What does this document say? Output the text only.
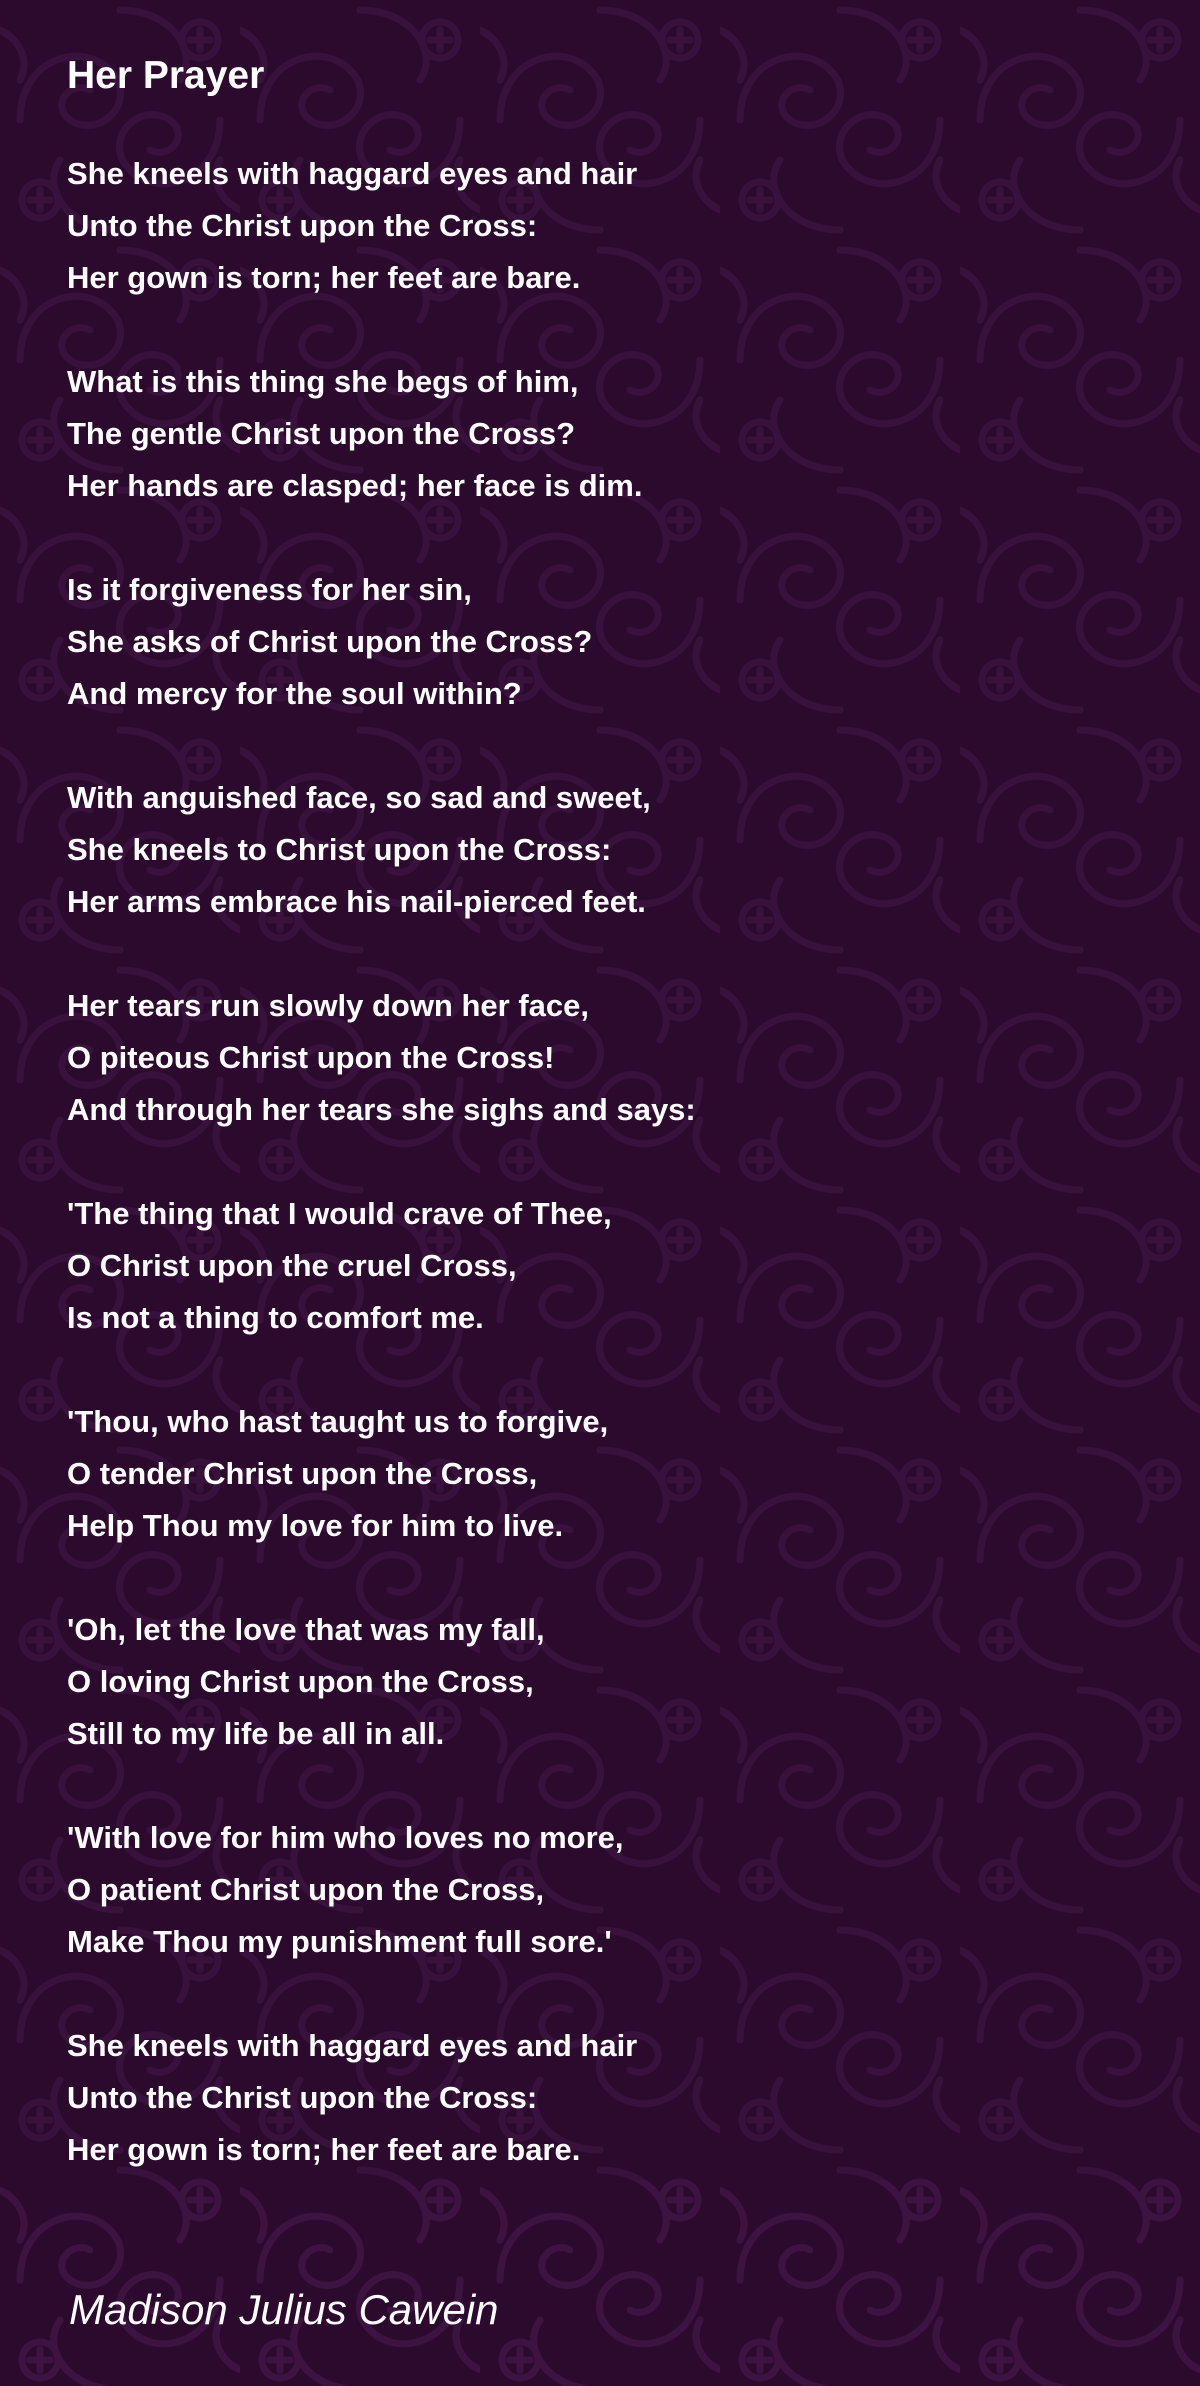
Her Prayer
She kneels with haggard eyes and hair
Unto the Christ upon the Cross:
Her gown is torn; her feet are bare.
What is this thing she begs of him,
The gentle Christ upon the Cross?
Her hands are clasped; her face is dim.
Is it forgiveness for her sin,
She asks of Christ upon the Cross?
And mercy for the soul within?
With anguished face, so sad and sweet,
She kneels to Christ upon the Cross:
Her arms embrace his nail-pierced feet.
Her tears run slowly down her face,
O piteous Christ upon the Cross!
And through her tears she sighs and says:
'The thing that I would crave of Thee,
O Christ upon the cruel Cross,
Is not a thing to comfort me.
'Thou, who hast taught us to forgive,
O tender Christ upon the Cross,
Help Thou my love for him to live.
'Oh, let the love that was my fall,
O loving Christ upon the Cross,
Still to my life be all in all.
'With love for him who loves no more,
O patient Christ upon the Cross,
Make Thou my punishment full sore.'
She kneels with haggard eyes and hair
Unto the Christ upon the Cross:
Her gown is torn; her feet are bare.
Madison Julius Cawein
